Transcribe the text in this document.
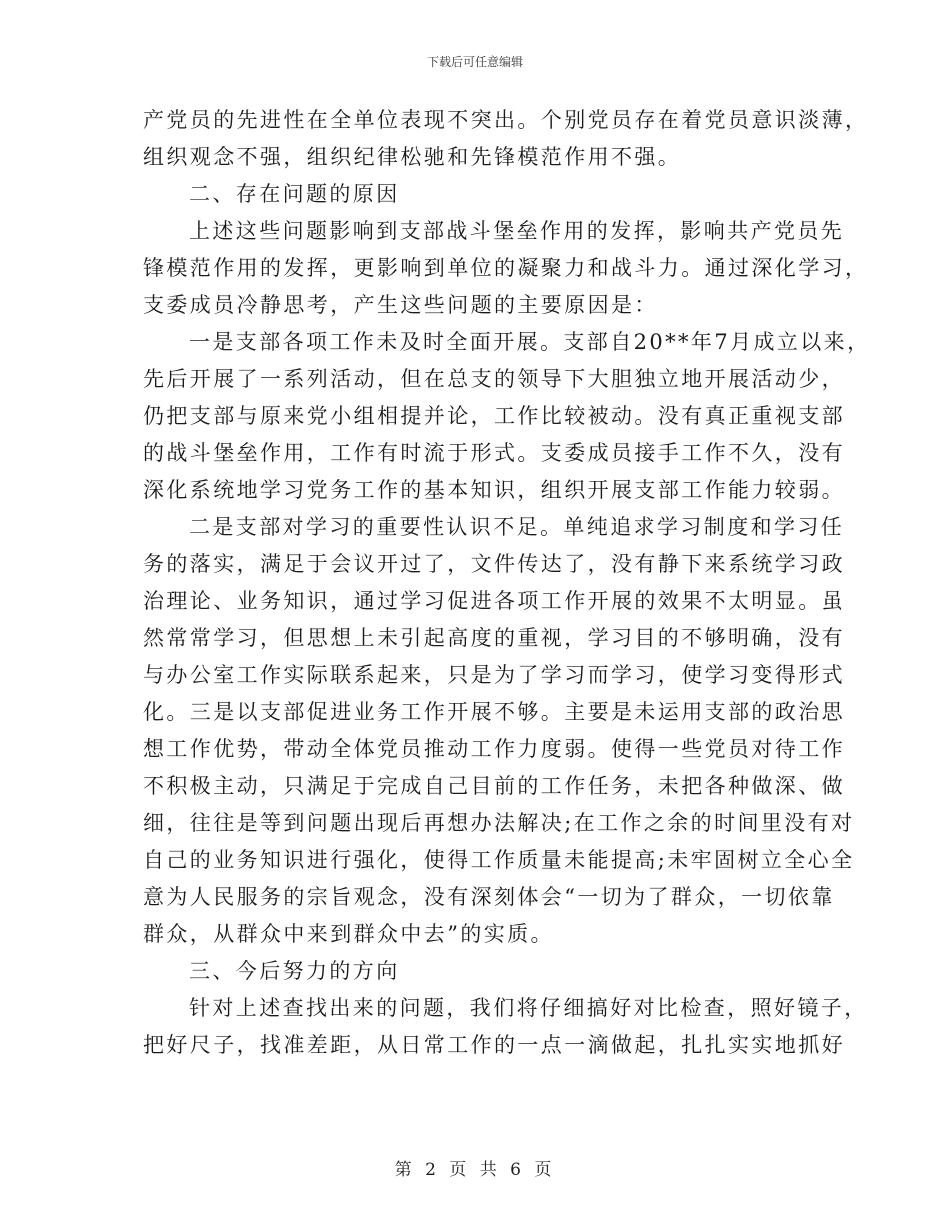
下载后可任意编辑
产党员的先进性在全单位表现不突出。个别党员存在着党员意识淡薄，
组织观念不强，组织纪律松驰和先锋模范作用不强。
二、存在问题的原因
上述这些问题影响到支部战斗堡垒作用的发挥，影响共产党员先
锋模范作用的发挥，更影响到单位的凝聚力和战斗力。通过深化学习，
支委成员冷静思考，产生这些问题的主要原因是：
一是支部各项工作未及时全面开展。支部自20**年7月成立以来，
先后开展了一系列活动，但在总支的领导下大胆独立地开展活动少，
仍把支部与原来党小组相提并论，工作比较被动。没有真正重视支部
的战斗堡垒作用，工作有时流于形式。支委成员接手工作不久，没有
深化系统地学习党务工作的基本知识，组织开展支部工作能力较弱。
二是支部对学习的重要性认识不足。单纯追求学习制度和学习任
务的落实，满足于会议开过了，文件传达了，没有静下来系统学习政
治理论、业务知识，通过学习促进各项工作开展的效果不太明显。虽
然常常学习，但思想上未引起高度的重视，学习目的不够明确，没有
与办公室工作实际联系起来，只是为了学习而学习，使学习变得形式
化。三是以支部促进业务工作开展不够。主要是未运用支部的政治思
想工作优势，带动全体党员推动工作力度弱。使得一些党员对待工作
不积极主动，只满足于完成自己目前的工作任务，未把各种做深、做
细，往往是等到问题出现后再想办法解决;在工作之余的时间里没有对
自己的业务知识进行强化，使得工作质量未能提高;未牢固树立全心全
意为人民服务的宗旨观念，没有深刻体会“一切为了群众，一切依靠
群众，从群众中来到群众中去”的实质。
三、今后努力的方向
针对上述查找出来的问题，我们将仔细搞好对比检查，照好镜子，
把好尺子，找准差距，从日常工作的一点一滴做起，扎扎实实地抓好
第 2 页 共 6 页
